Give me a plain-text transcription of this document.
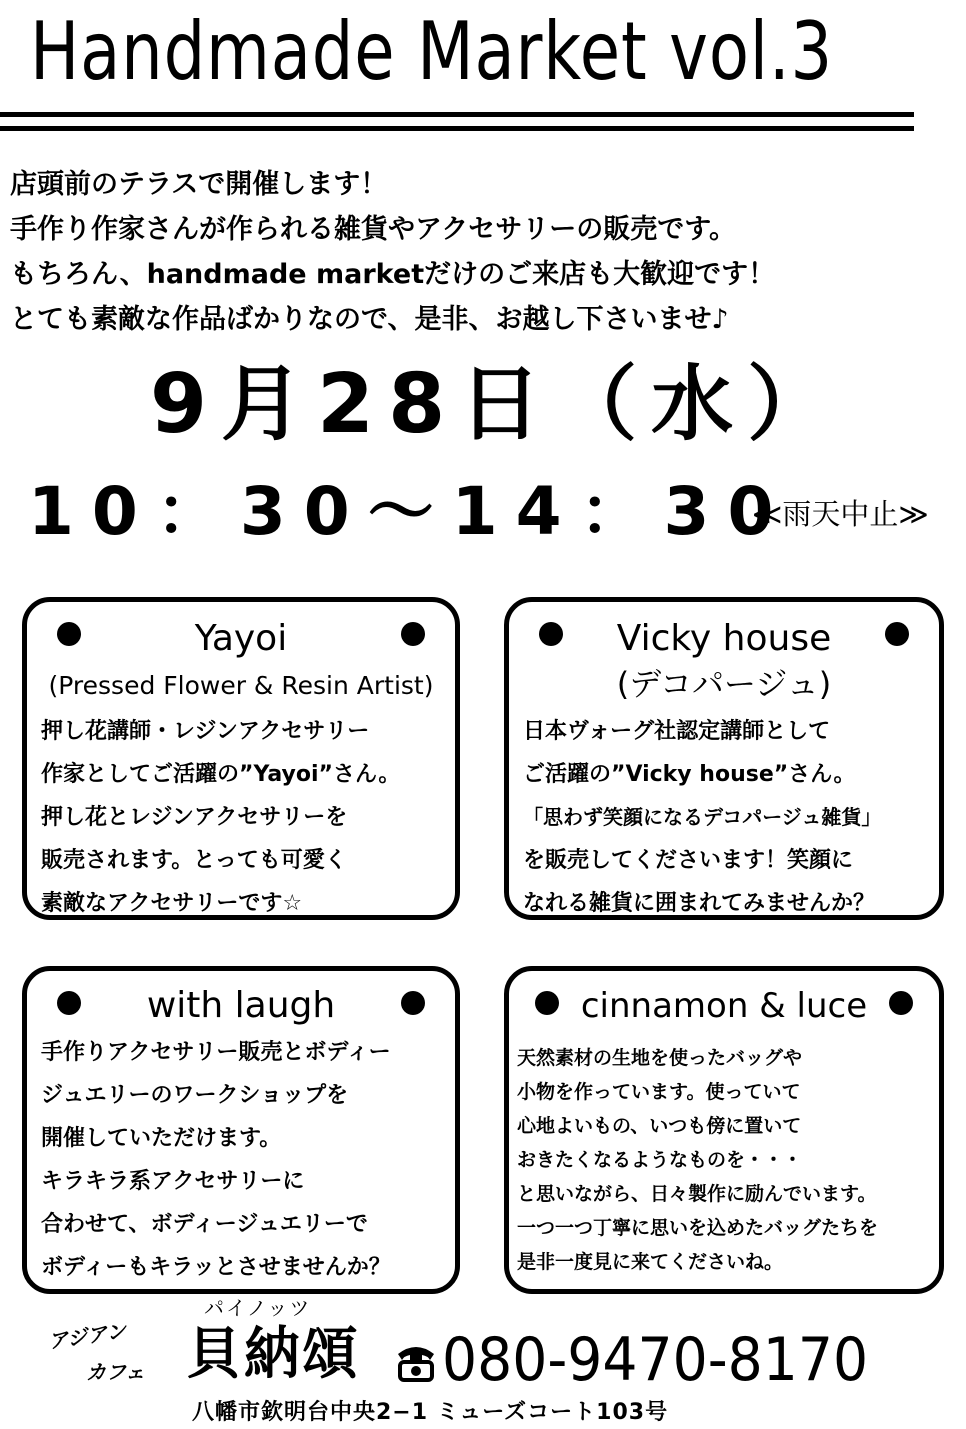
Handmade Market vol.3
店頭前のテラスで開催します！
手作り作家さんが作られる雑貨やアクセサリーの販売です。
もちろん、handmade marketだけのご来店も大歓迎です！
とても素敵な作品ばかりなので、是非、お越し下さいませ♪
9月28日（水）
10：30〜14：30
≪雨天中止≫
Yayoi
(Pressed Flower & Resin Artist)
押し花講師・レジンアクセサリー
作家としてご活躍の”Yayoi”さん。
押し花とレジンアクセサリーを
販売されます。とっても可愛く
素敵なアクセサリーです☆
Vicky house
(デコパージュ)
日本ヴォーグ社認定講師として
ご活躍の”Vicky house”さん。
「思わず笑顔になるデコパージュ雑貨」
を販売してくださいます！笑顔に
なれる雑貨に囲まれてみませんか？
with laugh
手作りアクセサリー販売とボディー
ジュエリーのワークショップを
開催していただけます。
キラキラ系アクセサリーに
合わせて、ボディージュエリーで
ボディーもキラッとさせませんか？
cinnamon & luce
天然素材の生地を使ったバッグや
小物を作っています。使っていて
心地よいもの、いつも傍に置いて
おきたくなるようなものを・・・
と思いながら、日々製作に励んでいます。
一つ一つ丁寧に思いを込めたバッグたちを
是非一度見に来てくださいね。
アジアン
カフェ
パイノッツ
貝納頌 080-9470-8170
八幡市欽明台中央2−1 ミューズコート103号
